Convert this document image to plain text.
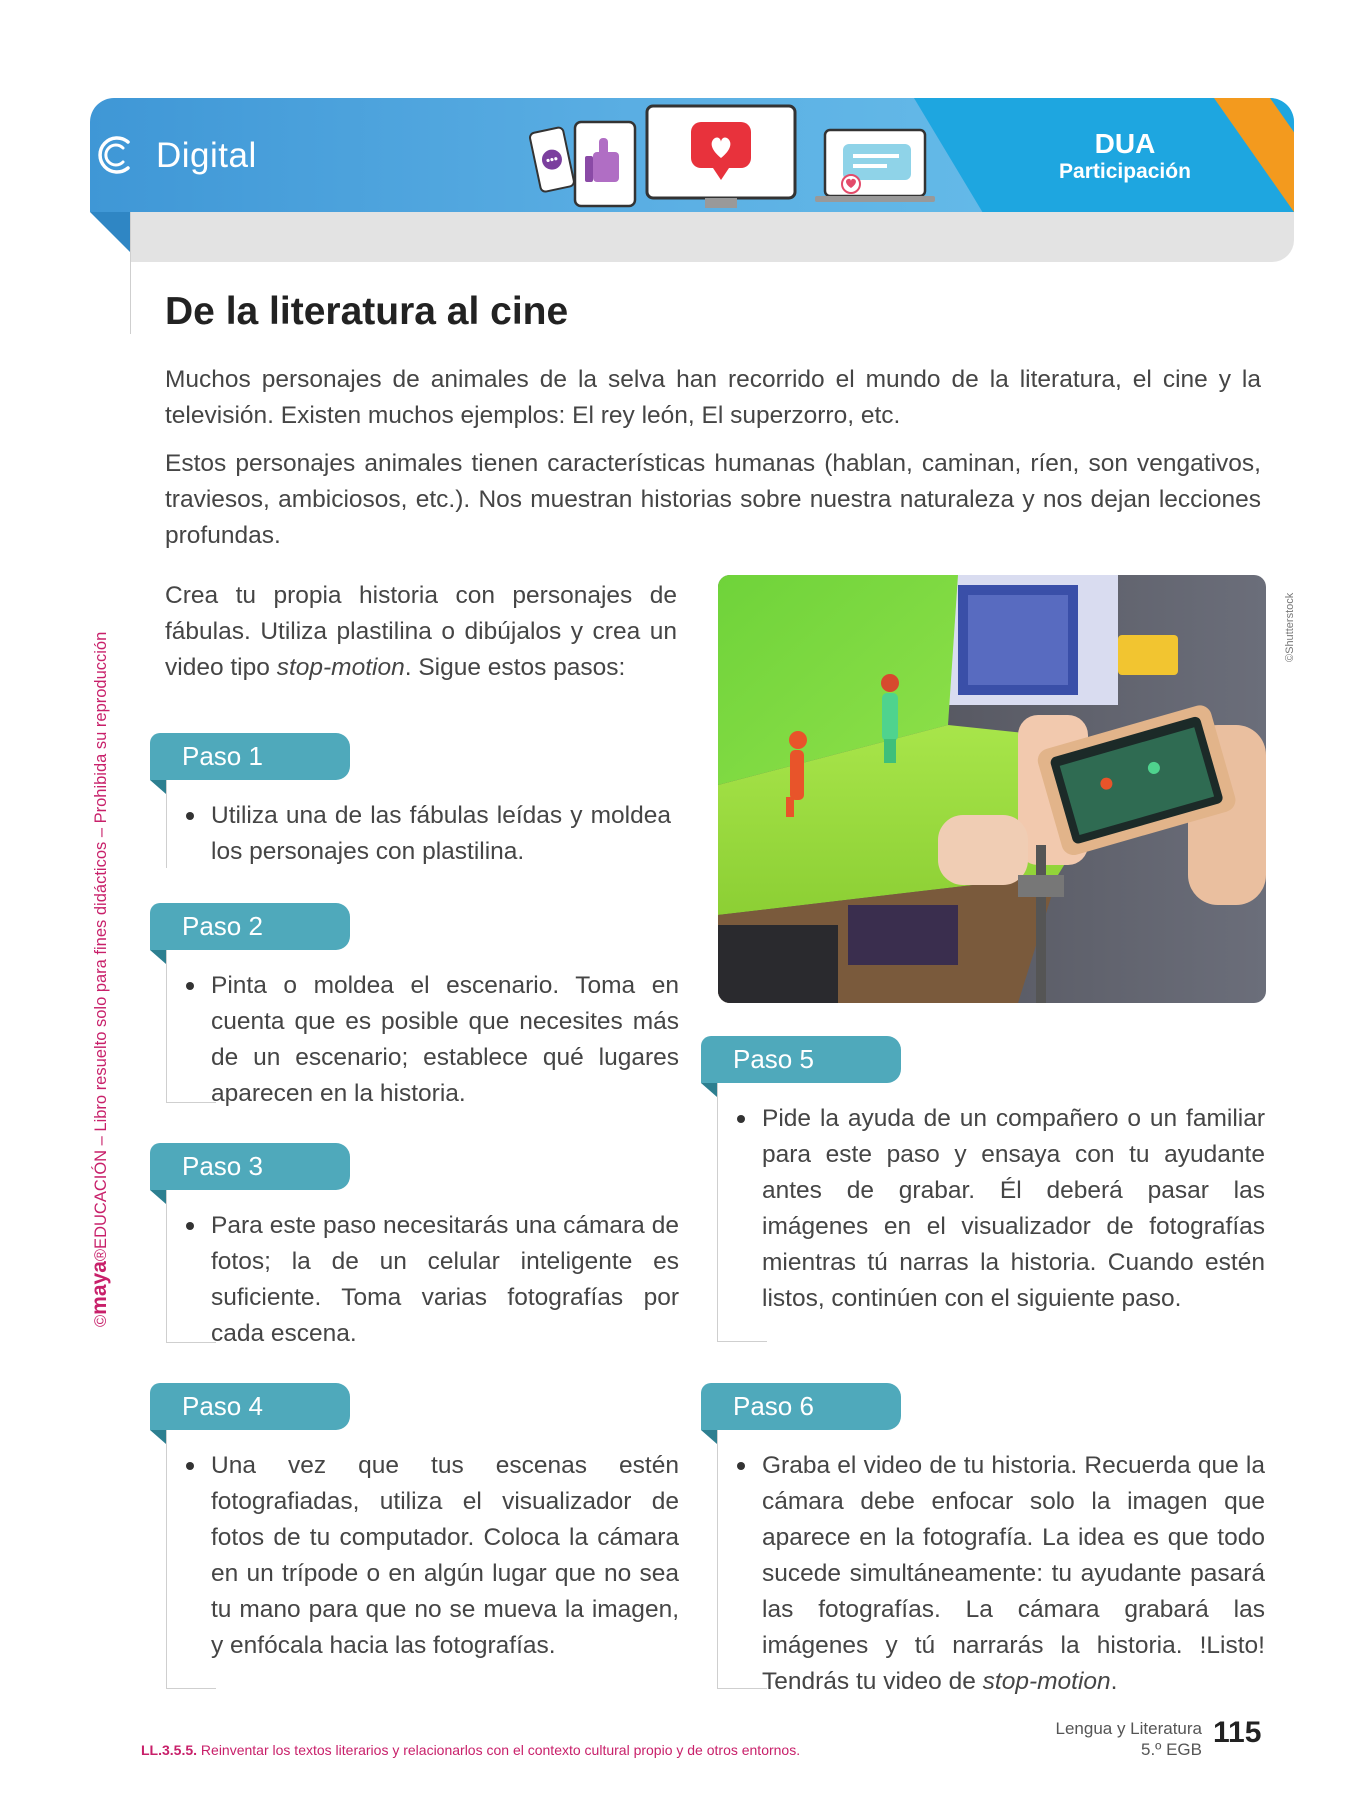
Digital	DUA
Participación
©maya®EDUCACIÓN – Libro resuelto solo para fines didácticos – Prohibida su reproducción
De la literatura al cine
Muchos personajes de animales de la selva han recorrido el mundo de la literatura, el cine y la televisión. Existen muchos ejemplos: El rey león, El superzorro, etc.
Estos personajes animales tienen características humanas (hablan, caminan, ríen, son vengativos, traviesos, ambiciosos, etc.). Nos muestran historias sobre nuestra naturaleza y nos dejan lecciones profundas.
Crea tu propia historia con personajes de fábulas. Utiliza plastilina o dibújalos y crea un video tipo stop-motion. Sigue estos pasos:
©Shutterstock
Paso 1
Utiliza una de las fábulas leídas y moldea los personajes con plastilina.
Paso 2
Pinta o moldea el escenario. Toma en cuenta que es posible que necesites más de un escenario; establece qué lugares aparecen en la historia.
Paso 3
Para este paso necesitarás una cámara de fotos; la de un celular inteligente es suficiente. Toma varias fotografías por cada escena.
Paso 4
Una vez que tus escenas estén fotografiadas, utiliza el visualizador de fotos de tu computador. Coloca la cámara en un trípode o en algún lugar que no sea tu mano para que no se mueva la imagen, y enfócala hacia las fotografías.
Paso 5
Pide la ayuda de un compañero o un familiar para este paso y ensaya con tu ayudante antes de grabar. Él deberá pasar las imágenes en el visualizador de fotografías mientras tú narras la historia. Cuando estén listos, continúen con el siguiente paso.
Paso 6
Graba el video de tu historia. Recuerda que la cámara debe enfocar solo la imagen que aparece en la fotografía. La idea es que todo sucede simultáneamente: tu ayudante pasará las fotografías. La cámara grabará las imágenes y tú narrarás la historia. !Listo! Tendrás tu video de stop-motion.
LL.3.5.5. Reinventar los textos literarios y relacionarlos con el contexto cultural propio y de otros entornos.
Lengua y Literatura
5.º EGB
115
